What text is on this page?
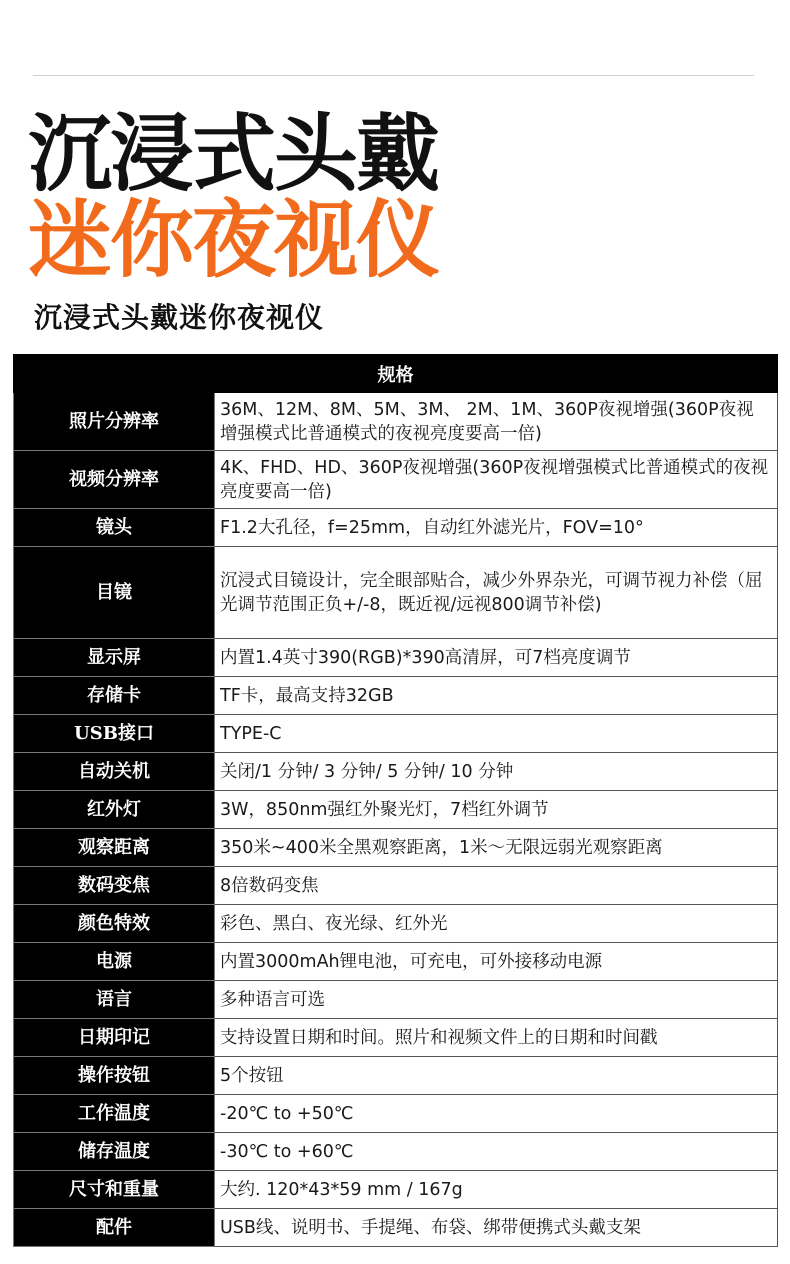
沉浸式头戴
迷你夜视仪
沉浸式头戴迷你夜视仪
规格	
照片分辨率	36M、12M、8M、5M、3M、 2M、1M、360P夜视增强(360P夜视增强模式比普通模式的夜视亮度要高一倍)
视频分辨率	4K、FHD、HD、360P夜视增强(360P夜视增强模式比普通模式的夜视亮度要高一倍)
镜头	F1.2大孔径，f=25mm，自动红外滤光片，FOV=10°
目镜	沉浸式目镜设计，完全眼部贴合，减少外界杂光，可调节视力补偿（屈光调节范围正负+/-8，既近视/远视800调节补偿)
显示屏	内置1.4英寸390(RGB)*390高清屏，可7档亮度调节
存储卡	TF卡，最高支持32GB
USB接口	TYPE-C
自动关机	关闭/1 分钟/ 3 分钟/ 5 分钟/ 10 分钟
红外灯	3W，850nm强红外聚光灯，7档红外调节
观察距离	350米~400米全黑观察距离，1米～无限远弱光观察距离
数码变焦	8倍数码变焦
颜色特效	彩色、黑白、夜光绿、红外光
电源	内置3000mAh锂电池，可充电，可外接移动电源
语言	多种语言可选
日期印记	支持设置日期和时间。照片和视频文件上的日期和时间戳
操作按钮	5个按钮
工作温度	-20℃ to +50℃
储存温度	-30℃ to +60℃
尺寸和重量	大约. 120*43*59 mm / 167g
配件	USB线、说明书、手提绳、布袋、绑带便携式头戴支架
